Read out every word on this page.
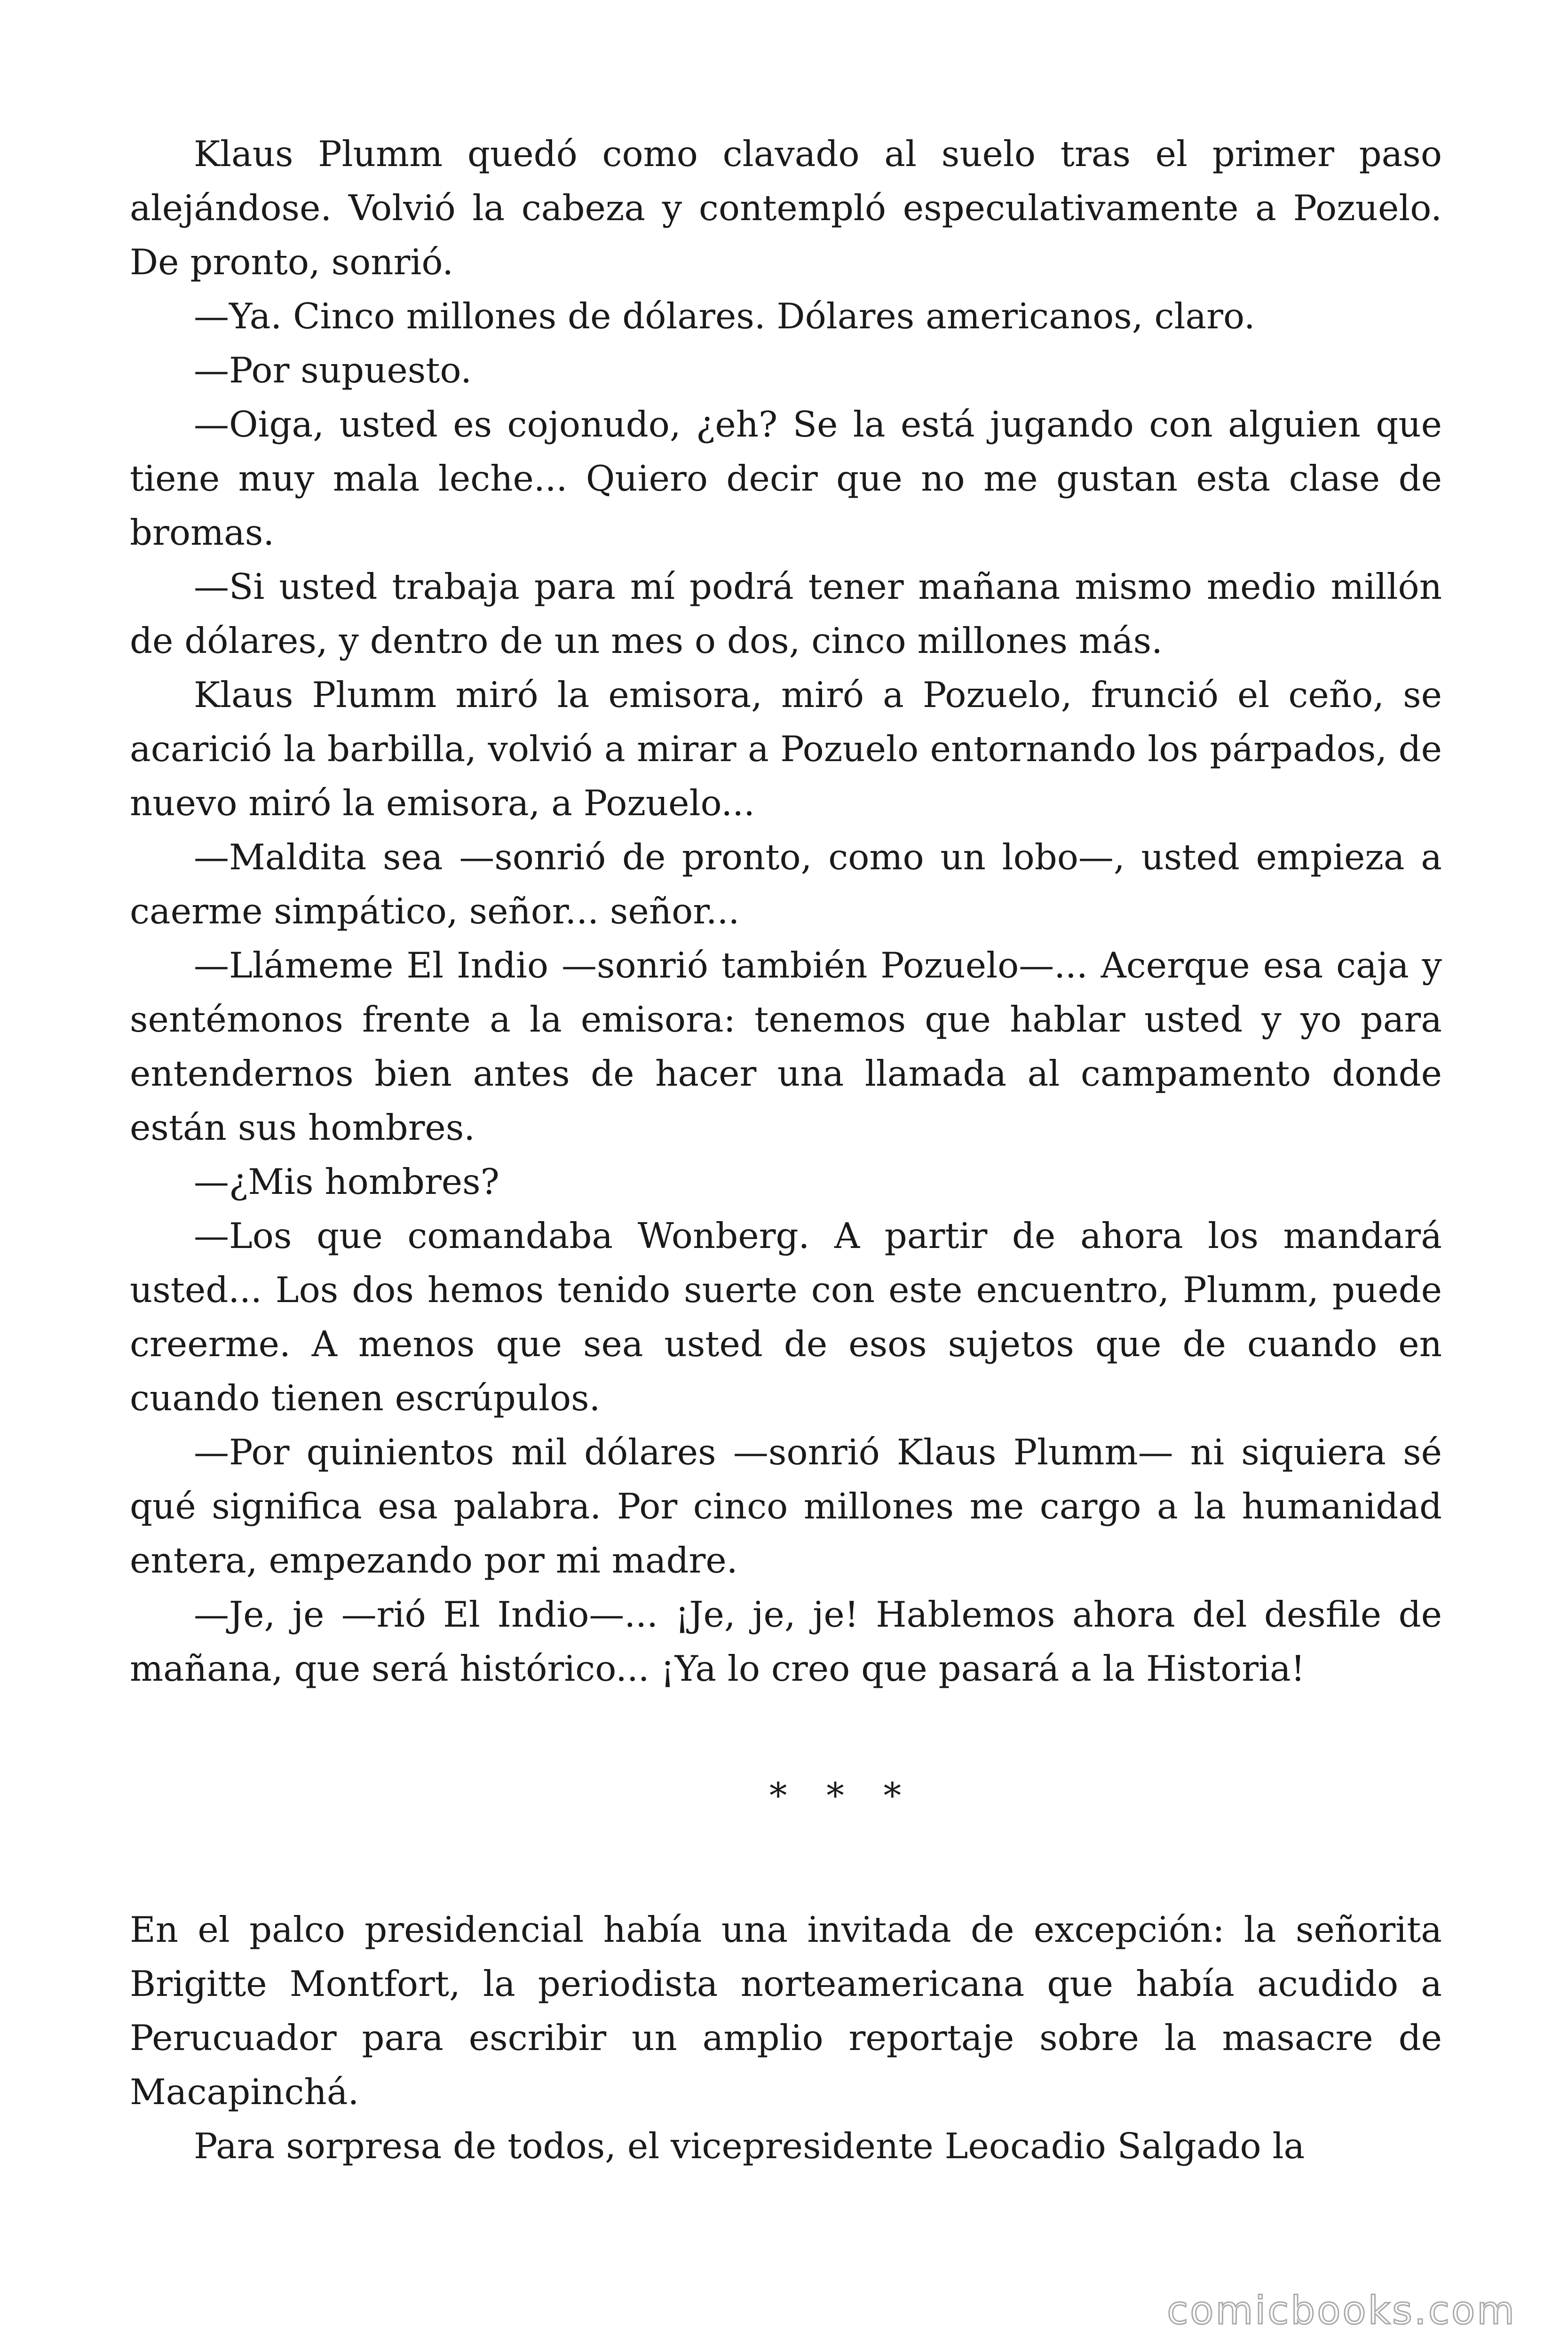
Klaus Plumm quedó como clavado al suelo tras el primer paso alejándose. Volvió la cabeza y contempló especulativamente a Pozuelo. De pronto, sonrió.

—Ya. Cinco millones de dólares. Dólares americanos, claro.

—Por supuesto.

—Oiga, usted es cojonudo, ¿eh? Se la está jugando con alguien que tiene muy mala leche... Quiero decir que no me gustan esta clase de bromas.

—Si usted trabaja para mí podrá tener mañana mismo medio millón de dólares, y dentro de un mes o dos, cinco millones más.

Klaus Plumm miró la emisora, miró a Pozuelo, frunció el ceño, se acarició la barbilla, volvió a mirar a Pozuelo entornando los párpados, de nuevo miró la emisora, a Pozuelo...

—Maldita sea —sonrió de pronto, como un lobo—, usted empieza a caerme simpático, señor... señor...

—Llámeme El Indio —sonrió también Pozuelo—... Acerque esa caja y sentémonos frente a la emisora: tenemos que hablar usted y yo para entendernos bien antes de hacer una llamada al campamento donde están sus hombres.

—¿Mis hombres?

—Los que comandaba Wonberg. A partir de ahora los mandará usted... Los dos hemos tenido suerte con este encuentro, Plumm, puede creerme. A menos que sea usted de esos sujetos que de cuando en cuando tienen escrúpulos.

—Por quinientos mil dólares —sonrió Klaus Plumm— ni siquiera sé qué significa esa palabra. Por cinco millones me cargo a la humanidad entera, empezando por mi madre.

—Je, je —rió El Indio—... ¡Je, je, je! Hablemos ahora del desfile de mañana, que será histórico... ¡Ya lo creo que pasará a la Historia!

* * *

En el palco presidencial había una invitada de excepción: la señorita Brigitte Montfort, la periodista norteamericana que había acudido a Perucuador para escribir un amplio reportaje sobre la masacre de Macapinchá.

Para sorpresa de todos, el vicepresidente Leocadio Salgado la

comicbooks.com
